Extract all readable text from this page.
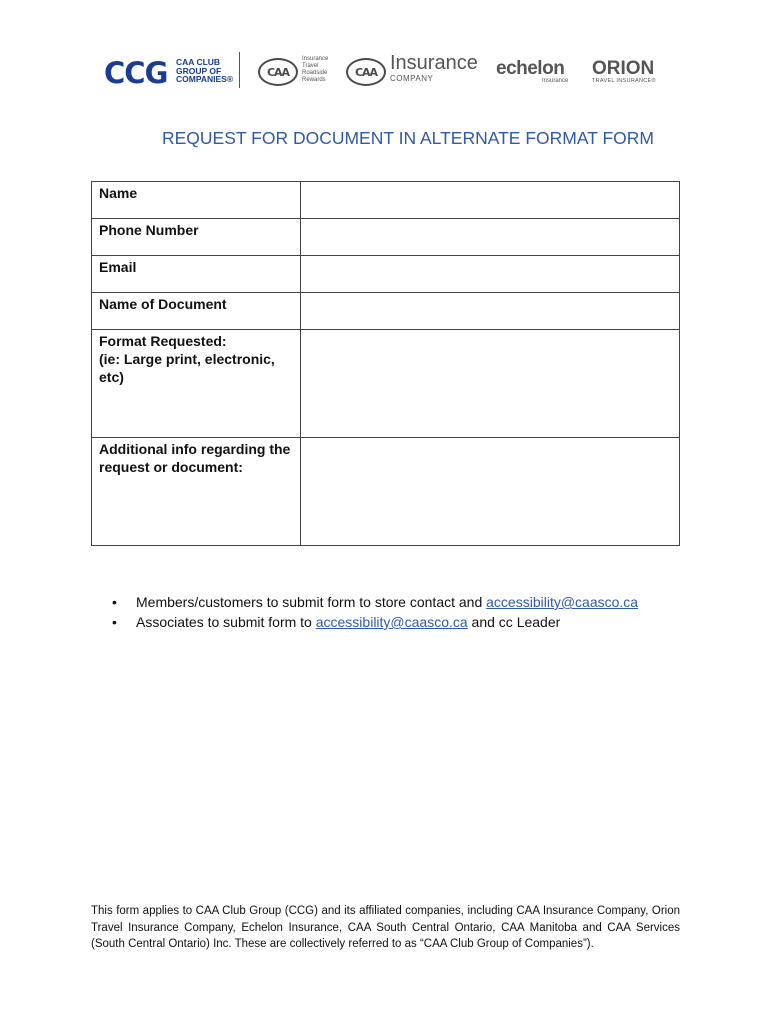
CCG CAA CLUB
GROUP OF
COMPANIES®
CAA
Insurance
Travel
Roadside
Rewards
CAA Insurance
COMPANY	echelon
Insurance
ORION
TRAVEL INSURANCE®
REQUEST FOR DOCUMENT IN ALTERNATE FORMAT FORM
Name	
Phone Number	
Email	
Name of Document	
Format Requested:
(ie: Large print, electronic, etc)	
Additional info regarding the request or document:	
• Members/customers to submit form to store contact and accessibility@caasco.ca
• Associates to submit form to accessibility@caasco.ca and cc Leader
This form applies to CAA Club Group (CCG) and its affiliated companies, including CAA Insurance Company, Orion Travel Insurance Company, Echelon Insurance, CAA South Central Ontario, CAA Manitoba and CAA Services (South Central Ontario) Inc. These are collectively referred to as “CAA Club Group of Companies”).
